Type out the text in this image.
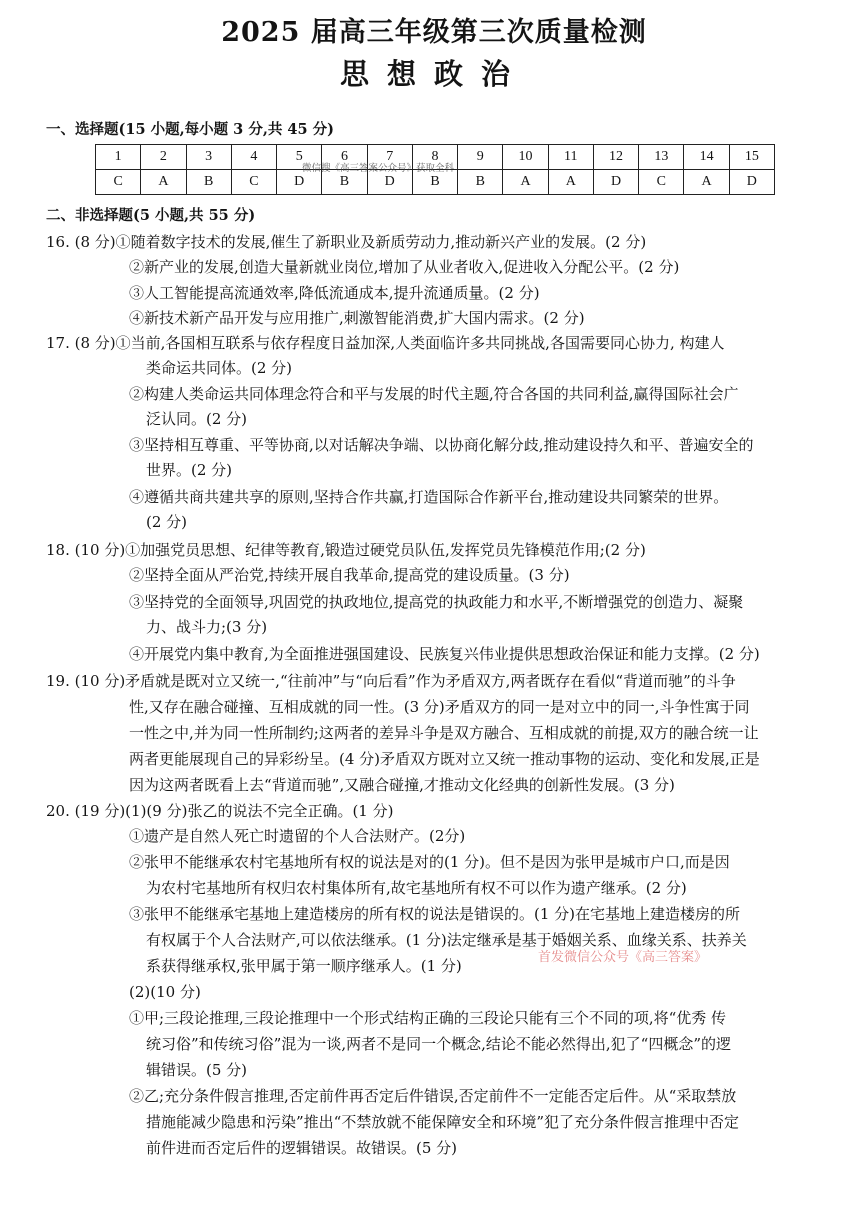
2025 届高三年级第三次质量检测
思想政治
一、选择题(15 小题,每小题 3 分,共 45 分)
1	2	3	4	5	6	7	8	9	10	11	12	13	14	15
C	A	B	C	D	B	D	B	B	A	A	D	C	A	D
微信搜《高三答案公众号》获取全科
二、非选择题(5 小题,共 55 分)
16. (8 分)①随着数字技术的发展,催生了新职业及新质劳动力,推动新兴产业的发展。(2 分)
②新产业的发展,创造大量新就业岗位,增加了从业者收入,促进收入分配公平。(2 分)
③人工智能提高流通效率,降低流通成本,提升流通质量。(2 分)
④新技术新产品开发与应用推广,刺激智能消费,扩大国内需求。(2 分)
17. (8 分)①当前,各国相互联系与依存程度日益加深,人类面临许多共同挑战,各国需要同心协力, 构建人
类命运共同体。(2 分)
②构建人类命运共同体理念符合和平与发展的时代主题,符合各国的共同利益,赢得国际社会广
泛认同。(2 分)
③坚持相互尊重、平等协商,以对话解决争端、以协商化解分歧,推动建设持久和平、普遍安全的
世界。(2 分)
④遵循共商共建共享的原则,坚持合作共赢,打造国际合作新平台,推动建设共同繁荣的世界。
(2 分)
18. (10 分)①加强党员思想、纪律等教育,锻造过硬党员队伍,发挥党员先锋模范作用;(2 分)
②坚持全面从严治党,持续开展自我革命,提高党的建设质量。(3 分)
③坚持党的全面领导,巩固党的执政地位,提高党的执政能力和水平,不断增强党的创造力、凝聚
力、战斗力;(3 分)
④开展党内集中教育,为全面推进强国建设、民族复兴伟业提供思想政治保证和能力支撑。(2 分)
19. (10 分)矛盾就是既对立又统一,“往前冲”与“向后看”作为矛盾双方,两者既存在看似“背道而驰”的斗争
性,又存在融合碰撞、互相成就的同一性。(3 分)矛盾双方的同一是对立中的同一,斗争性寓于同
一性之中,并为同一性所制约;这两者的差异斗争是双方融合、互相成就的前提,双方的融合统一让
两者更能展现自己的异彩纷呈。(4 分)矛盾双方既对立又统一推动事物的运动、变化和发展,正是
因为这两者既看上去“背道而驰”,又融合碰撞,才推动文化经典的创新性发展。(3 分)
20. (19 分)(1)(9 分)张乙的说法不完全正确。(1 分)
①遗产是自然人死亡时遗留的个人合法财产。(2分)
②张甲不能继承农村宅基地所有权的说法是对的(1 分)。但不是因为张甲是城市户口,而是因
为农村宅基地所有权归农村集体所有,故宅基地所有权不可以作为遗产继承。(2 分)
③张甲不能继承宅基地上建造楼房的所有权的说法是错误的。(1 分)在宅基地上建造楼房的所
有权属于个人合法财产,可以依法继承。(1 分)法定继承是基于婚姻关系、血缘关系、扶养关
系获得继承权,张甲属于第一顺序继承人。(1 分)	首发微信公众号《高三答案》
(2)(10 分)
①甲;三段论推理,三段论推理中一个形式结构正确的三段论只能有三个不同的项,将“优秀 传
统习俗”和传统习俗”混为一谈,两者不是同一个概念,结论不能必然得出,犯了“四概念”的逻
辑错误。(5 分)
②乙;充分条件假言推理,否定前件再否定后件错误,否定前件不一定能否定后件。从“采取禁放
措施能减少隐患和污染”推出“不禁放就不能保障安全和环境”犯了充分条件假言推理中否定
前件进而否定后件的逻辑错误。故错误。(5 分)
